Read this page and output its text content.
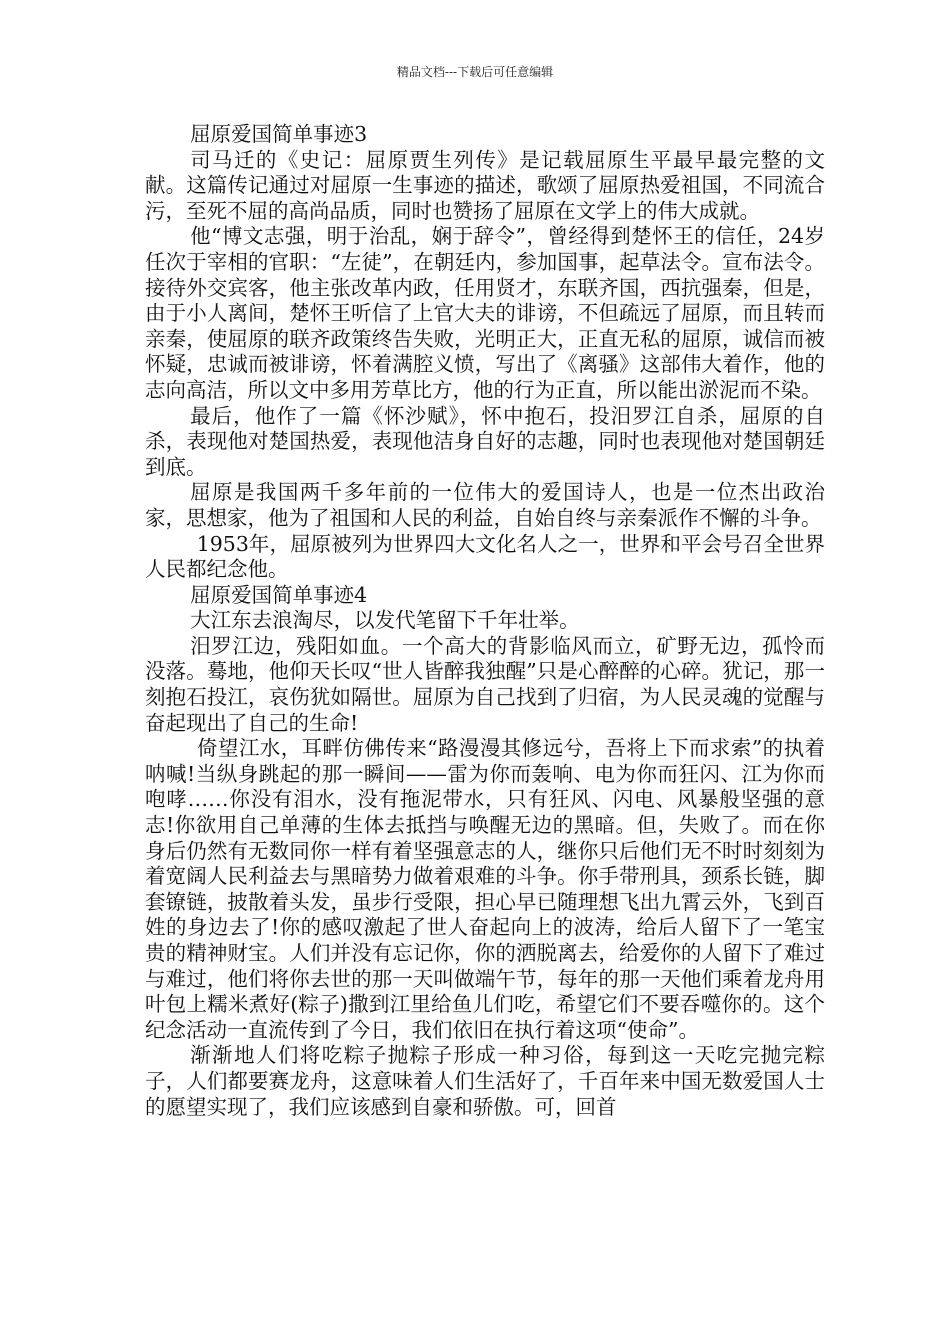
精品文档---下载后可任意编辑

屈原爱国简单事迹3

司马迁的《史记：屈原贾生列传》是记载屈原生平最早最完整的文献。这篇传记通过对屈原一生事迹的描述，歌颂了屈原热爱祖国，不同流合污，至死不屈的高尚品质，同时也赞扬了屈原在文学上的伟大成就。

他“博文志强，明于治乱，娴于辞令”，曾经得到楚怀王的信任，24岁任次于宰相的官职：“左徒”，在朝廷内，参加国事，起草法令。宣布法令。接待外交宾客，他主张改革内政，任用贤才，东联齐国，西抗强秦，但是，由于小人离间，楚怀王听信了上官大夫的诽谤，不但疏远了屈原，而且转而亲秦，使屈原的联齐政策终告失败，光明正大，正直无私的屈原，诚信而被怀疑，忠诚而被诽谤，怀着满腔义愤，写出了《离骚》这部伟大着作，他的志向高洁，所以文中多用芳草比方，他的行为正直，所以能出淤泥而不染。

最后，他作了一篇《怀沙赋》，怀中抱石，投汨罗江自杀，屈原的自杀，表现他对楚国热爱，表现他洁身自好的志趣，同时也表现他对楚国朝廷到底。

屈原是我国两千多年前的一位伟大的爱国诗人，也是一位杰出政治家，思想家，他为了祖国和人民的利益，自始自终与亲秦派作不懈的斗争。

1953年，屈原被列为世界四大文化名人之一，世界和平会号召全世界人民都纪念他。

屈原爱国简单事迹4

大江东去浪淘尽，以发代笔留下千年壮举。

汨罗江边，残阳如血。一个高大的背影临风而立，矿野无边，孤怜而没落。蓦地，他仰天长叹“世人皆醉我独醒”只是心醉醉的心碎。犹记，那一刻抱石投江，哀伤犹如隔世。屈原为自己找到了归宿，为人民灵魂的觉醒与奋起现出了自己的生命!

倚望江水，耳畔仿佛传来“路漫漫其修远兮，吾将上下而求索”的执着呐喊!当纵身跳起的那一瞬间——雷为你而轰响、电为你而狂闪、江为你而咆哮……你没有泪水，没有拖泥带水，只有狂风、闪电、风暴般坚强的意志!你欲用自己单薄的生体去抵挡与唤醒无边的黑暗。但，失败了。而在你身后仍然有无数同你一样有着坚强意志的人，继你只后他们无不时时刻刻为着宽阔人民利益去与黑暗势力做着艰难的斗争。你手带刑具，颈系长链，脚套镣链，披散着头发，虽步行受限，担心早已随理想飞出九霄云外，飞到百姓的身边去了!你的感叹激起了世人奋起向上的波涛，给后人留下了一笔宝贵的精神财宝。人们并没有忘记你，你的洒脱离去，给爱你的人留下了难过与难过，他们将你去世的那一天叫做端午节，每年的那一天他们乘着龙舟用叶包上糯米煮好(粽子)撒到江里给鱼儿们吃，希望它们不要吞噬你的。这个纪念活动一直流传到了今日，我们依旧在执行着这项“使命”。

渐渐地人们将吃粽子抛粽子形成一种习俗，每到这一天吃完抛完粽子，人们都要赛龙舟，这意味着人们生活好了，千百年来中国无数爱国人士的愿望实现了，我们应该感到自豪和骄傲。可，回首
